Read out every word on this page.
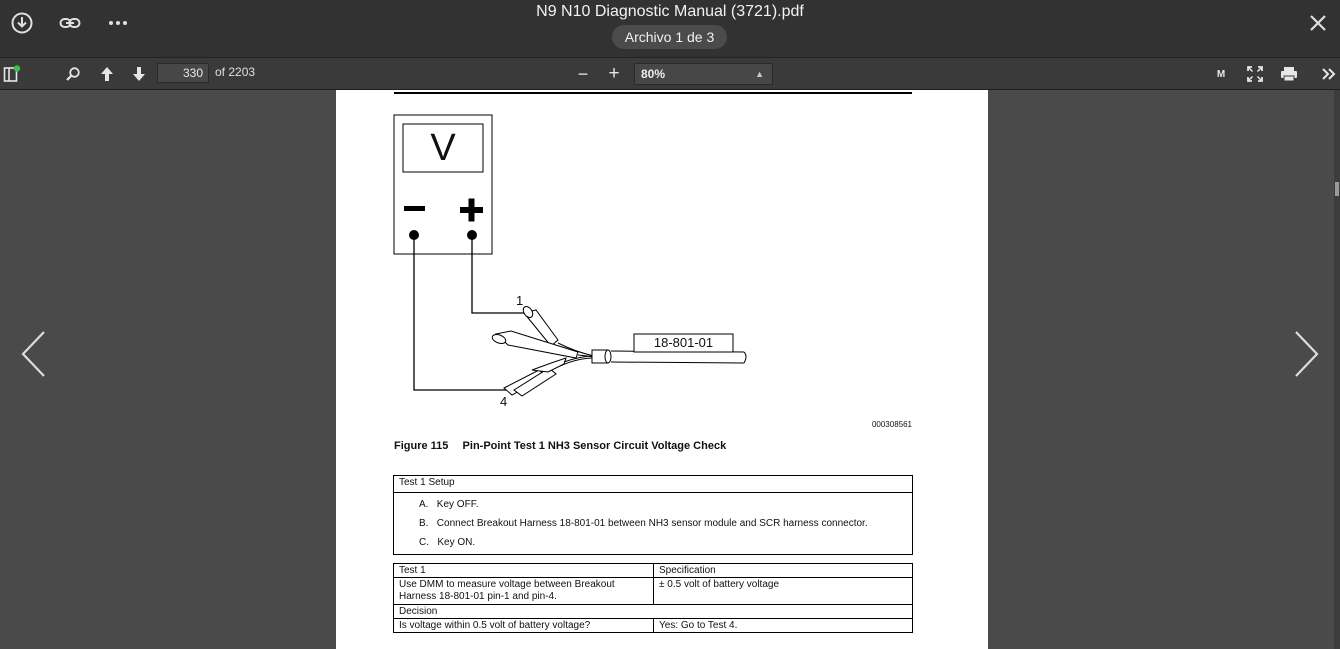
N9 N10 Diagnostic Manual (3721).pdf
Archivo 1 de 3
330	of 2203	− +	80%	▲	M
V
1
4
18-801-01
000308561
Figure 115 Pin-Point Test 1 NH3 Sensor Circuit Voltage Check
Test 1 Setup

A. Key OFF.
B. Connect Breakout Harness 18-801-01 between NH3 sensor module and SCR harness connector.
C. Key ON.
Test 1	Specification
Use DMM to measure voltage between Breakout Harness 18-801-01 pin-1 and pin-4.	± 0.5 volt of battery voltage
Decision	
Is voltage within 0.5 volt of battery voltage?	Yes: Go to Test 4.
